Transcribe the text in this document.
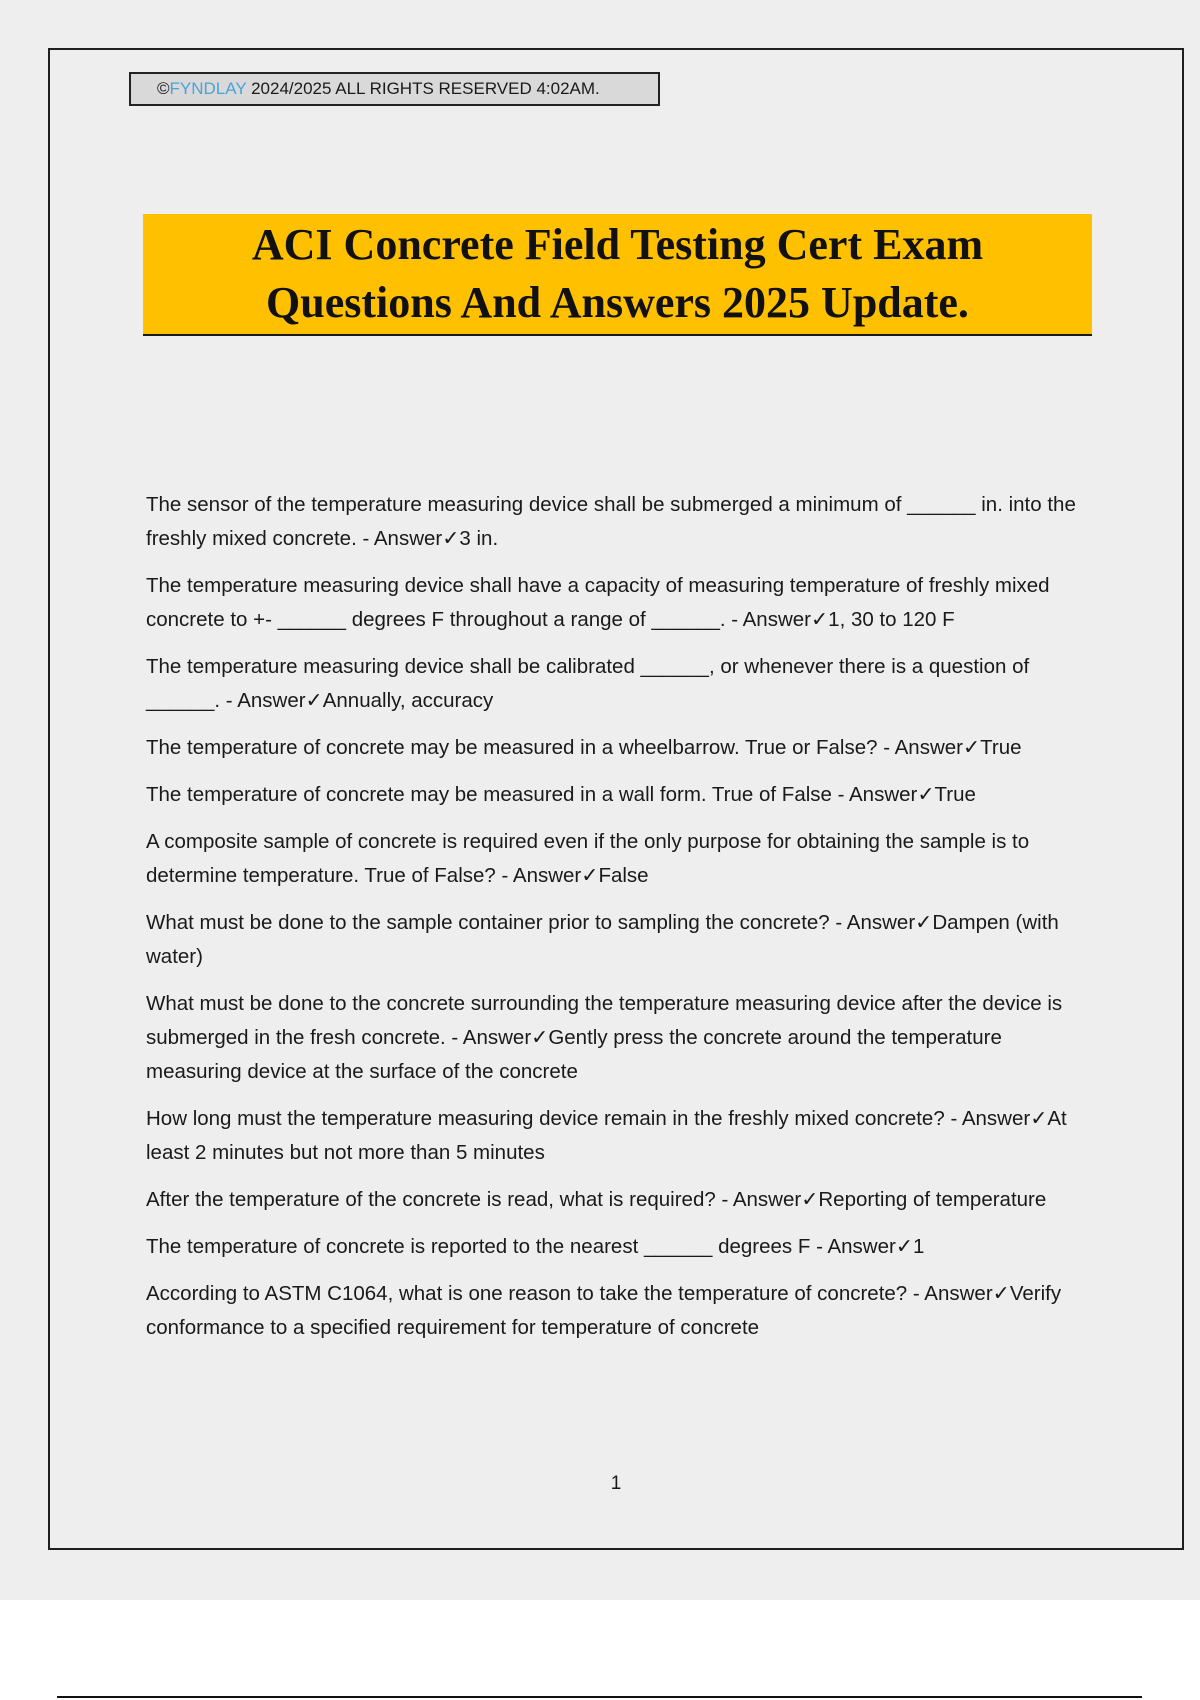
©FYNDLAY 2024/2025 ALL RIGHTS RESERVED 4:02AM.
ACI Concrete Field Testing Cert Exam
Questions And Answers 2025 Update.

The sensor of the temperature measuring device shall be submerged a minimum of ______ in. into the freshly mixed concrete. - Answer✓3 in.

The temperature measuring device shall have a capacity of measuring temperature of freshly mixed concrete to +- ______ degrees F throughout a range of ______. - Answer✓1, 30 to 120 F

The temperature measuring device shall be calibrated ______, or whenever there is a question of ______. - Answer✓Annually, accuracy

The temperature of concrete may be measured in a wheelbarrow. True or False? - Answer✓True

The temperature of concrete may be measured in a wall form. True of False - Answer✓True

A composite sample of concrete is required even if the only purpose for obtaining the sample is to determine temperature. True of False? - Answer✓False

What must be done to the sample container prior to sampling the concrete? - Answer✓Dampen (with water)

What must be done to the concrete surrounding the temperature measuring device after the device is submerged in the fresh concrete. - Answer✓Gently press the concrete around the temperature measuring device at the surface of the concrete

How long must the temperature measuring device remain in the freshly mixed concrete? - Answer✓At least 2 minutes but not more than 5 minutes

After the temperature of the concrete is read, what is required? - Answer✓Reporting of temperature

The temperature of concrete is reported to the nearest ______ degrees F - Answer✓1

According to ASTM C1064, what is one reason to take the temperature of concrete? - Answer✓Verify conformance to a specified requirement for temperature of concrete

1
